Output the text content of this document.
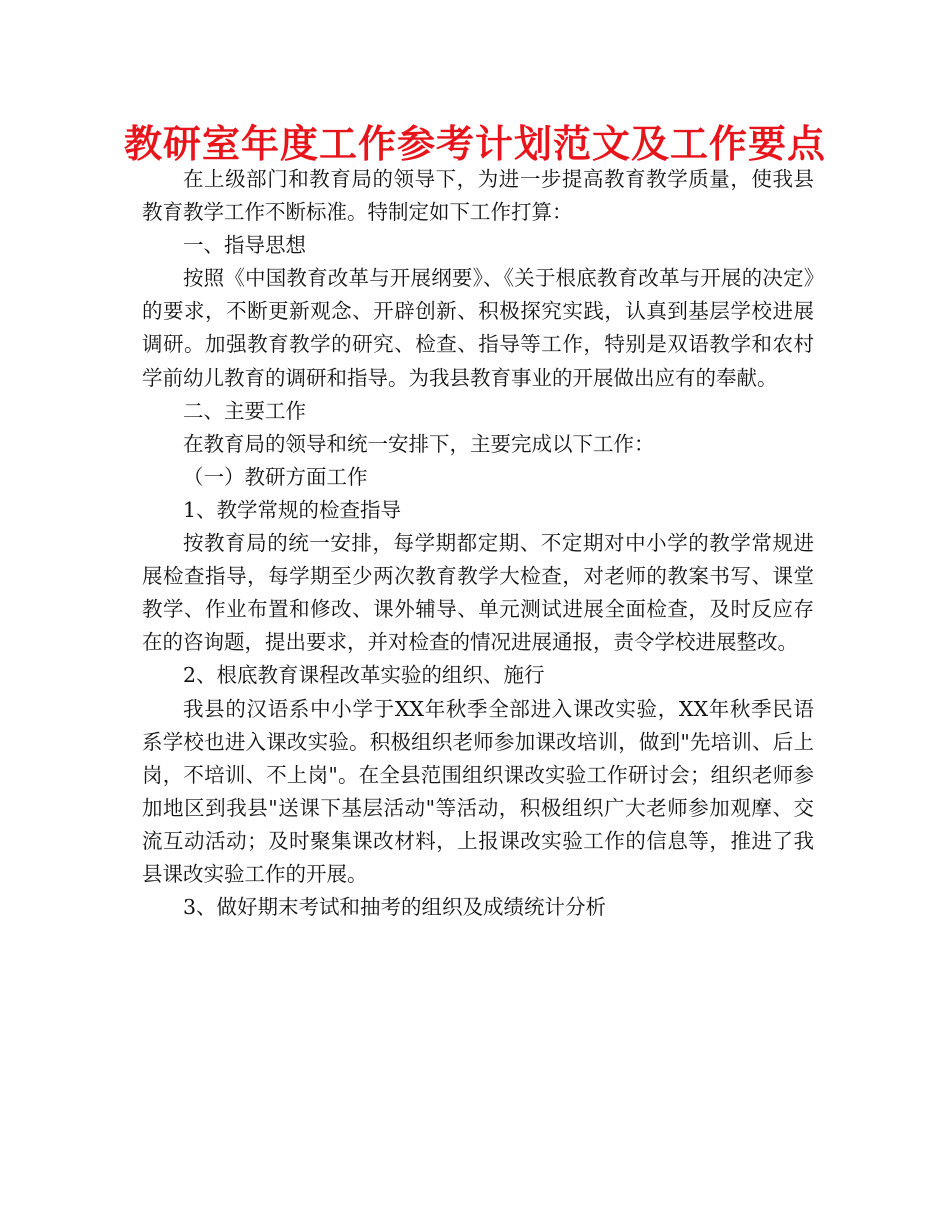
教研室年度工作参考计划范文及工作要点

在上级部门和教育局的领导下，为进一步提高教育教学质量，使我县教育教学工作不断标准。特制定如下工作打算：

一、指导思想

按照《中国教育改革与开展纲要》、《关于根底教育改革与开展的决定》的要求，不断更新观念、开辟创新、积极探究实践，认真到基层学校进展调研。加强教育教学的研究、检查、指导等工作，特别是双语教学和农村学前幼儿教育的调研和指导。为我县教育事业的开展做出应有的奉献。

二、主要工作

在教育局的领导和统一安排下，主要完成以下工作：

（一）教研方面工作

1、教学常规的检查指导

按教育局的统一安排，每学期都定期、不定期对中小学的教学常规进展检查指导，每学期至少两次教育教学大检查，对老师的教案书写、课堂教学、作业布置和修改、课外辅导、单元测试进展全面检查，及时反应存在的咨询题，提出要求，并对检查的情况进展通报，责令学校进展整改。

2、根底教育课程改革实验的组织、施行

我县的汉语系中小学于XX年秋季全部进入课改实验，XX年秋季民语系学校也进入课改实验。积极组织老师参加课改培训，做到"先培训、后上岗，不培训、不上岗"。在全县范围组织课改实验工作研讨会；组织老师参加地区到我县"送课下基层活动"等活动，积极组织广大老师参加观摩、交流互动活动；及时聚集课改材料，上报课改实验工作的信息等，推进了我县课改实验工作的开展。

3、做好期末考试和抽考的组织及成绩统计分析
